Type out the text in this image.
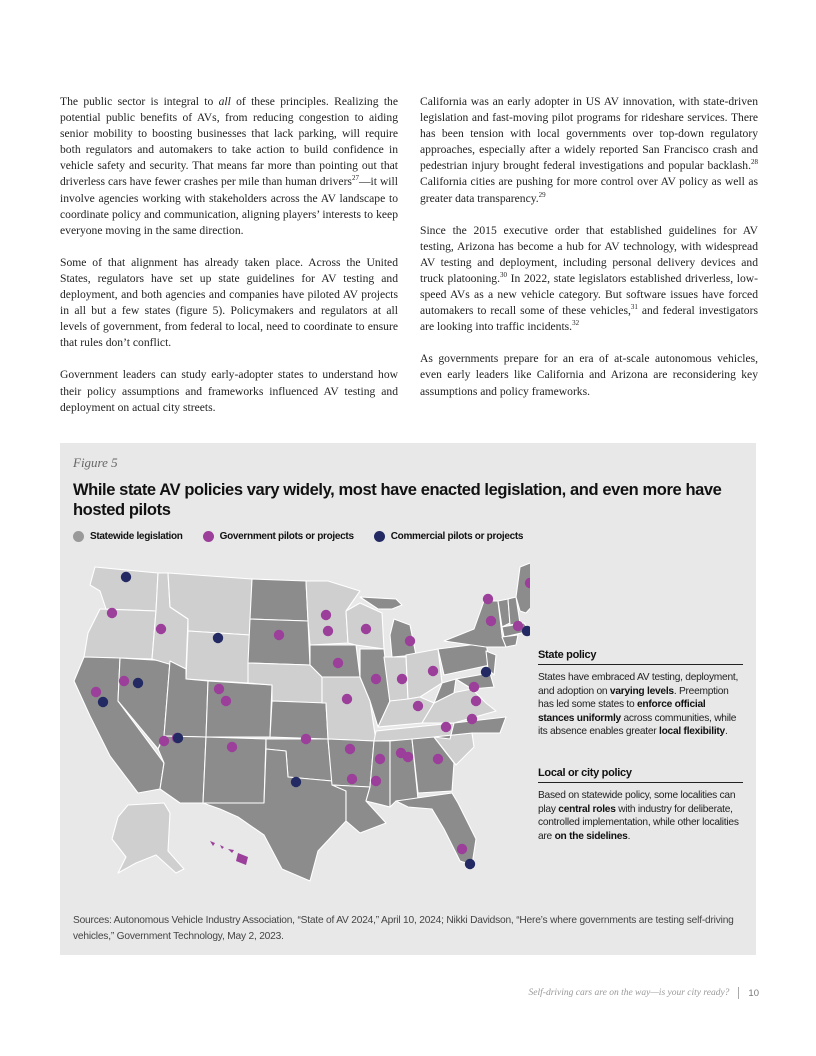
The public sector is integral to all of these principles. Realizing the potential public benefits of AVs, from reducing congestion to aiding senior mobility to boosting businesses that lack parking, will require both regulators and automakers to take action to build confidence in vehicle safety and security. That means far more than pointing out that driverless cars have fewer crashes per mile than human drivers$^{27}$—it will involve agencies working with stakeholders across the AV landscape to coordinate policy and communication, aligning players’ interests to keep everyone moving in the same direction.

Some of that alignment has already taken place. Across the United States, regulators have set up state guidelines for AV testing and deployment, and both agencies and companies have piloted AV projects in all but a few states (figure 5). Policymakers and regulators at all levels of government, from federal to local, need to coordinate to ensure that rules don’t conflict.

Government leaders can study early-adopter states to understand how their policy assumptions and frameworks influenced AV testing and deployment on actual city streets.

California was an early adopter in US AV innovation, with state-driven legislation and fast-moving pilot programs for rideshare services. There has been tension with local governments over top-down regulatory approaches, especially after a widely reported San Francisco crash and pedestrian injury brought federal investigations and popular backlash.$^{28}$ California cities are pushing for more control over AV policy as well as greater data transparency.$^{29}$

Since the 2015 executive order that established guidelines for AV testing, Arizona has become a hub for AV technology, with widespread AV testing and deployment, including personal delivery devices and truck platooning.$^{30}$ In 2022, state legislators established driverless, low-speed AVs as a new vehicle category. But software issues have forced automakers to recall some of these vehicles,$^{31}$ and federal investigators are looking into traffic incidents.$^{32}$

As governments prepare for an era of at-scale autonomous vehicles, even early leaders like California and Arizona are reconsidering key assumptions and policy frameworks.

Figure 5
While state AV policies vary widely, most have enacted legislation, and even more have hosted pilots
Statewide legislation	Government pilots or projects	Commercial pilots or projects
State policy

States have embraced AV testing, deployment, and adoption on varying levels. Preemption has led some states to enforce official stances uniformly across communities, while its absence enables greater local flexibility.

Local or city policy

Based on statewide policy, some localities can play central roles with industry for deliberate, controlled implementation, while other localities are on the sidelines.

Sources: Autonomous Vehicle Industry Association, “State of AV 2024,” April 10, 2024; Nikki Davidson, “Here’s where governments are testing self-driving vehicles,” Government Technology, May 2, 2023.
Self-driving cars are on the way—is your city ready? 10
